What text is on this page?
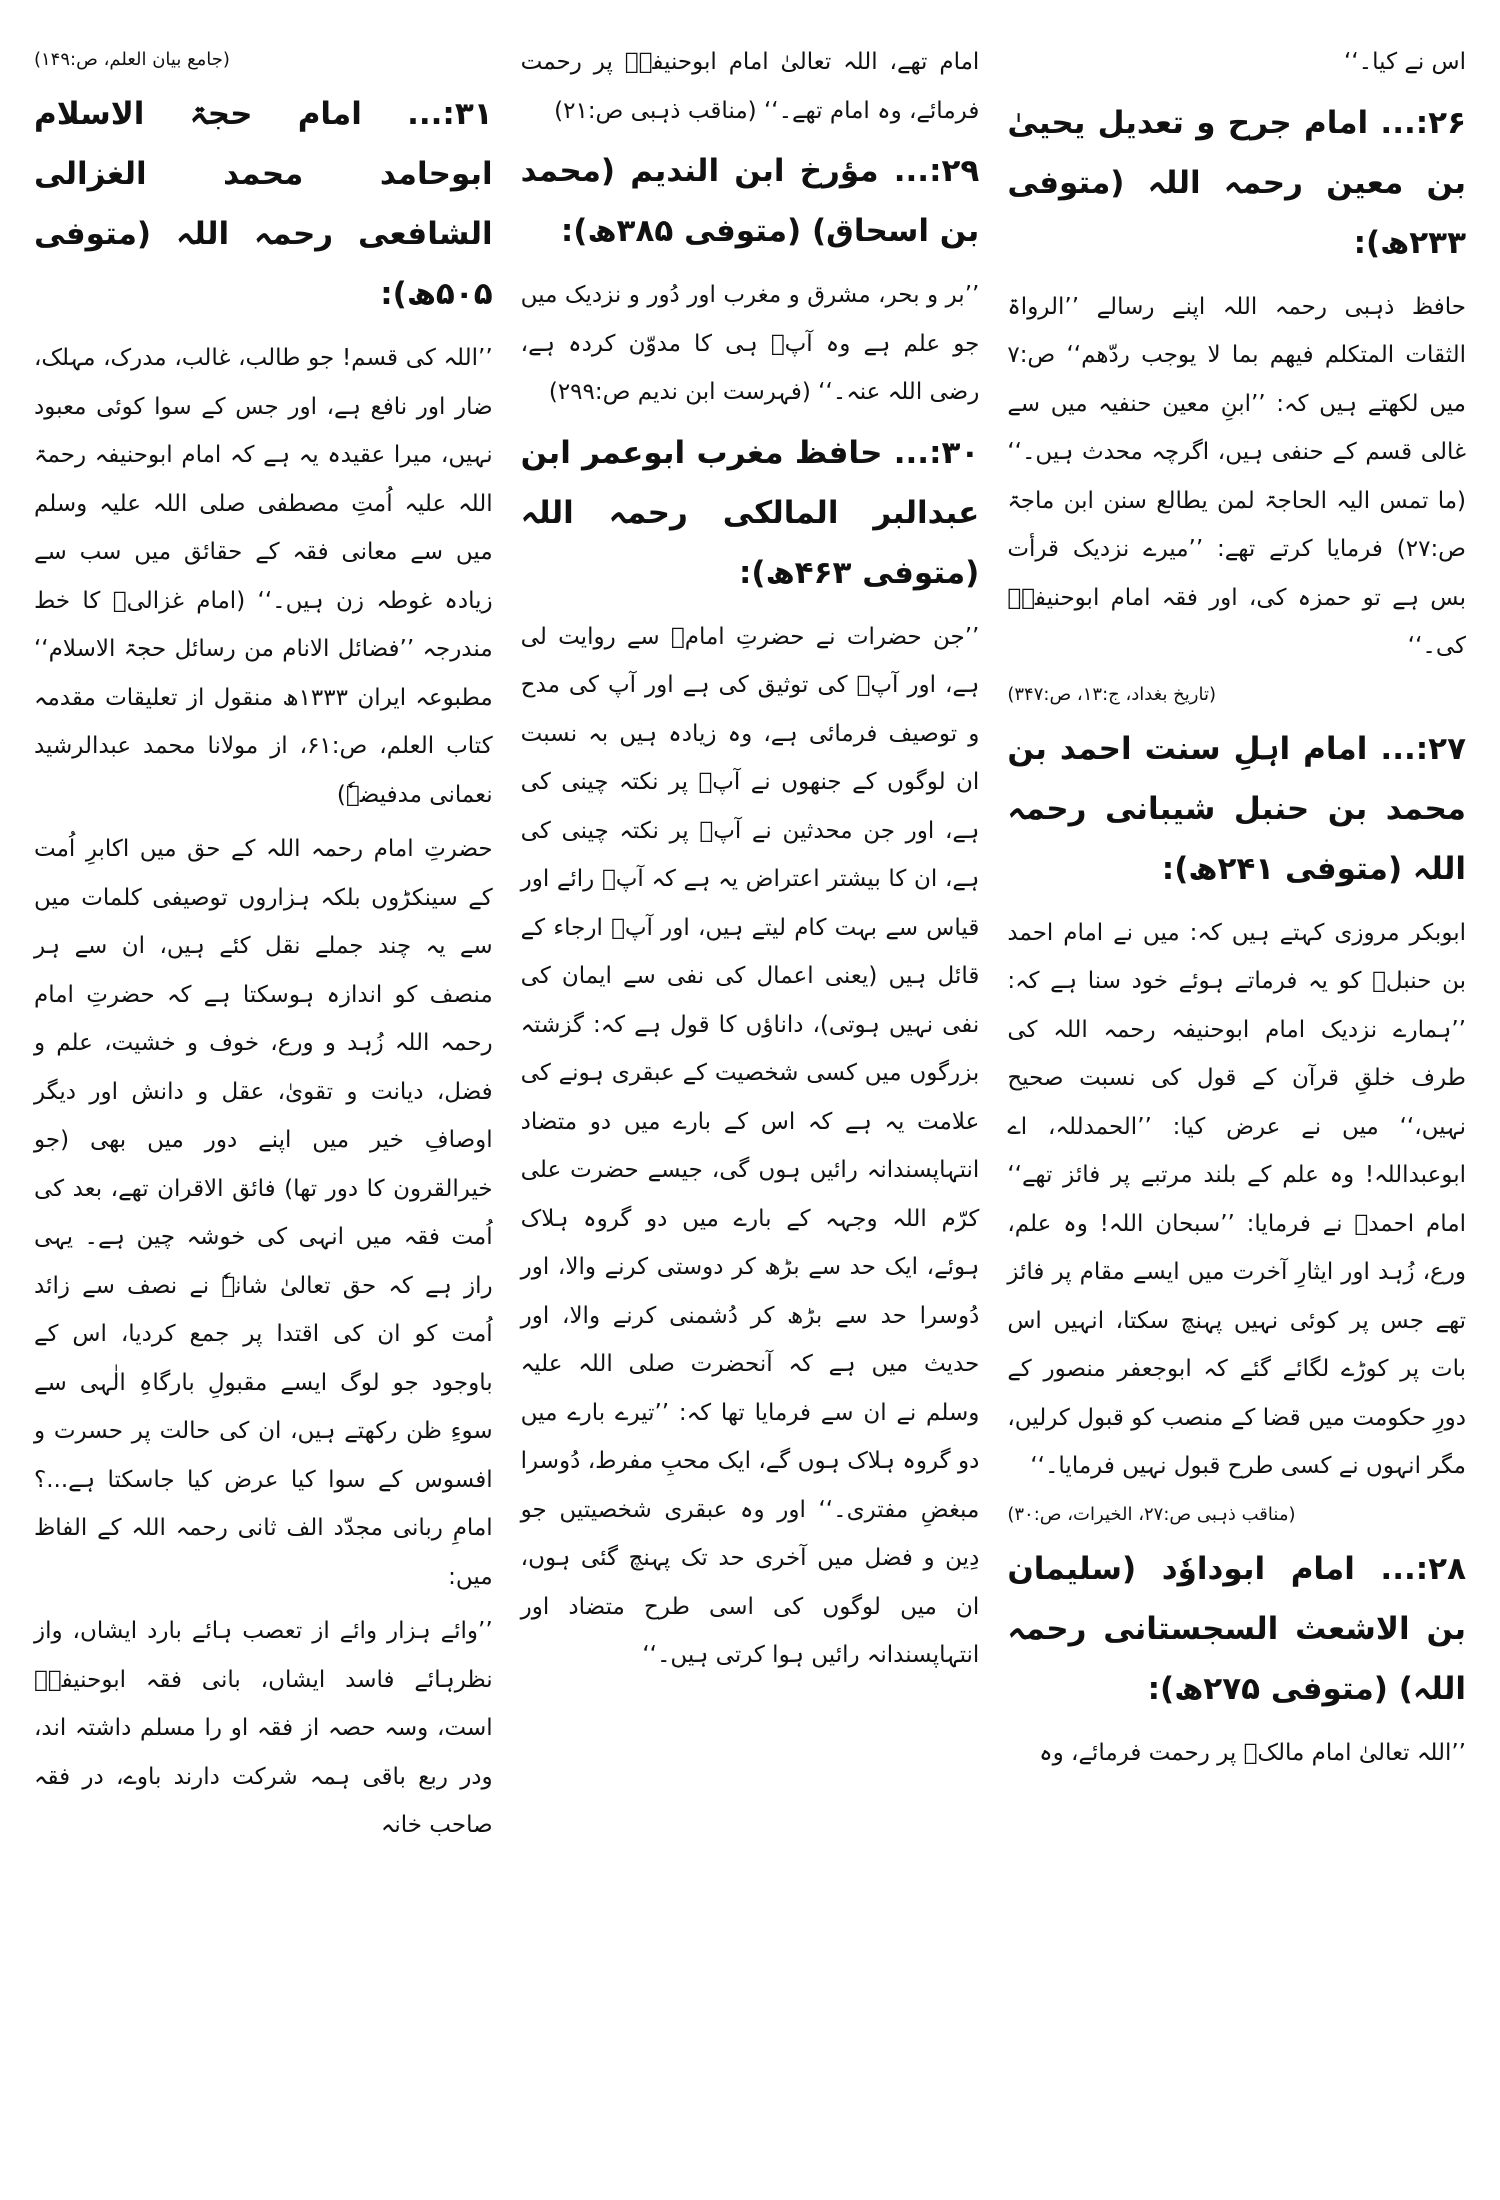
اس نے کیا۔‘‘

۲۶:... امام جرح و تعدیل یحییٰ بن معین رحمہ اللہ (متوفی ۲۳۳ھ):

حافظ ذہبی رحمہ اللہ اپنے رسالے ’’الرواۃ الثقات المتکلم فیھم بما لا یوجب ردّھم‘‘ ص:۷ میں لکھتے ہیں کہ: ’’ابنِ معین حنفیہ میں سے غالی قسم کے حنفی ہیں، اگرچہ محدث ہیں۔‘‘ (ما تمس الیہ الحاجۃ لمن یطالع سنن ابن ماجۃ ص:۲۷) فرمایا کرتے تھے: ’’میرے نزدیک قرأت بس ہے تو حمزہ کی، اور فقہ امام ابوحنیفہؒ کی۔‘‘

(تاریخ بغداد، ج:۱۳، ص:۳۴۷)

۲۷:... امام اہلِ سنت احمد بن محمد بن حنبل شیبانی رحمہ اللہ (متوفی ۲۴۱ھ):

ابوبکر مروزی کہتے ہیں کہ: میں نے امام احمد بن حنبلؒ کو یہ فرماتے ہوئے خود سنا ہے کہ: ’’ہمارے نزدیک امام ابوحنیفہ رحمہ اللہ کی طرف خلقِ قرآن کے قول کی نسبت صحیح نہیں،‘‘ میں نے عرض کیا: ’’الحمدللہ، اے ابوعبداللہ! وہ علم کے بلند مرتبے پر فائز تھے‘‘ امام احمدؒ نے فرمایا: ’’سبحان اللہ! وہ علم، ورع، زُہد اور ایثارِ آخرت میں ایسے مقام پر فائز تھے جس پر کوئی نہیں پہنچ سکتا، انہیں اس بات پر کوڑے لگائے گئے کہ ابوجعفر منصور کے دورِ حکومت میں قضا کے منصب کو قبول کرلیں، مگر انہوں نے کسی طرح قبول نہیں فرمایا۔‘‘

(مناقب ذہبی ص:۲۷، الخیرات، ص:۳۰)

۲۸:... امام ابوداوٗد (سلیمان بن الاشعث السجستانی رحمہ اللہ) (متوفی ۲۷۵ھ):

’’اللہ تعالیٰ امام مالکؒ پر رحمت فرمائے، وہ

امام تھے، اللہ تعالیٰ امام ابوحنیفہؒ پر رحمت فرمائے، وہ امام تھے۔‘‘ (مناقب ذہبی ص:۲۱)

۲۹:... مؤرخ ابن الندیم (محمد بن اسحاق) (متوفی ۳۸۵ھ):

’’بر و بحر، مشرق و مغرب اور دُور و نزدیک میں جو علم ہے وہ آپؒ ہی کا مدوّن کردہ ہے، رضی اللہ عنہ۔‘‘ (فہرست ابن ندیم ص:۲۹۹)

۳۰:... حافظ مغرب ابوعمر ابن عبدالبر المالکی رحمہ اللہ (متوفی ۴۶۳ھ):

’’جن حضرات نے حضرتِ امامؒ سے روایت لی ہے، اور آپؒ کی توثیق کی ہے اور آپ کی مدح و توصیف فرمائی ہے، وہ زیادہ ہیں بہ نسبت ان لوگوں کے جنھوں نے آپؒ پر نکتہ چینی کی ہے، اور جن محدثین نے آپؒ پر نکتہ چینی کی ہے، ان کا بیشتر اعتراض یہ ہے کہ آپؒ رائے اور قیاس سے بہت کام لیتے ہیں، اور آپؒ ارجاء کے قائل ہیں (یعنی اعمال کی نفی سے ایمان کی نفی نہیں ہوتی)، داناؤں کا قول ہے کہ: گزشتہ بزرگوں میں کسی شخصیت کے عبقری ہونے کی علامت یہ ہے کہ اس کے بارے میں دو متضاد انتہاپسندانہ رائیں ہوں گی، جیسے حضرت علی کرّم اللہ وجہہ کے بارے میں دو گروہ ہلاک ہوئے، ایک حد سے بڑھ کر دوستی کرنے والا، اور دُوسرا حد سے بڑھ کر دُشمنی کرنے والا، اور حدیث میں ہے کہ آنحضرت صلی اللہ علیہ وسلم نے ان سے فرمایا تھا کہ: ’’تیرے بارے میں دو گروہ ہلاک ہوں گے، ایک محبِ مفرط، دُوسرا مبغضِ مفتری۔‘‘ اور وہ عبقری شخصیتیں جو دِین و فضل میں آخری حد تک پہنچ گئی ہوں، ان میں لوگوں کی اسی طرح متضاد اور انتہاپسندانہ رائیں ہوا کرتی ہیں۔‘‘

(جامع بیان العلم، ص:۱۴۹)

۳۱:... امام حجۃ الاسلام ابوحامد محمد الغزالی الشافعی رحمہ اللہ (متوفی ۵۰۵ھ):

’’اللہ کی قسم! جو طالب، غالب، مدرک، مہلک، ضار اور نافع ہے، اور جس کے سوا کوئی معبود نہیں، میرا عقیدہ یہ ہے کہ امام ابوحنیفہ رحمۃ اللہ علیہ اُمتِ مصطفی صلی اللہ علیہ وسلم میں سے معانی فقہ کے حقائق میں سب سے زیادہ غوطہ زن ہیں۔‘‘ (امام غزالیؒ کا خط مندرجہ ’’فضائل الانام من رسائل حجۃ الاسلام‘‘ مطبوعہ ایران ۱۳۳۳ھ منقول از تعلیقات مقدمہ کتاب العلم، ص:۶۱، از مولانا محمد عبدالرشید نعمانی مدفیضہٗ)

حضرتِ امام رحمہ اللہ کے حق میں اکابرِ اُمت کے سینکڑوں بلکہ ہزاروں توصیفی کلمات میں سے یہ چند جملے نقل کئے ہیں، ان سے ہر منصف کو اندازہ ہوسکتا ہے کہ حضرتِ امام رحمہ اللہ زُہد و ورع، خوف و خشیت، علم و فضل، دیانت و تقویٰ، عقل و دانش اور دیگر اوصافِ خیر میں اپنے دور میں بھی (جو خیرالقرون کا دور تھا) فائق الاقران تھے، بعد کی اُمت فقہ میں انہی کی خوشہ چین ہے۔ یہی راز ہے کہ حق تعالیٰ شانہٗ نے نصف سے زائد اُمت کو ان کی اقتدا پر جمع کردیا، اس کے باوجود جو لوگ ایسے مقبولِ بارگاہِ الٰہی سے سوءِ ظن رکھتے ہیں، ان کی حالت پر حسرت و افسوس کے سوا کیا عرض کیا جاسکتا ہے...؟ امامِ ربانی مجدّد الف ثانی رحمہ اللہ کے الفاظ میں:

’’وائے ہزار وائے از تعصب ہائے بارد ایشاں، واز نظرہائے فاسد ایشاں، بانی فقہ ابوحنیفہؒ است، وسہ حصہ از فقہ او را مسلم داشتہ اند، ودر ربع باقی ہمہ شرکت دارند باوے، در فقہ صاحب خانہ
